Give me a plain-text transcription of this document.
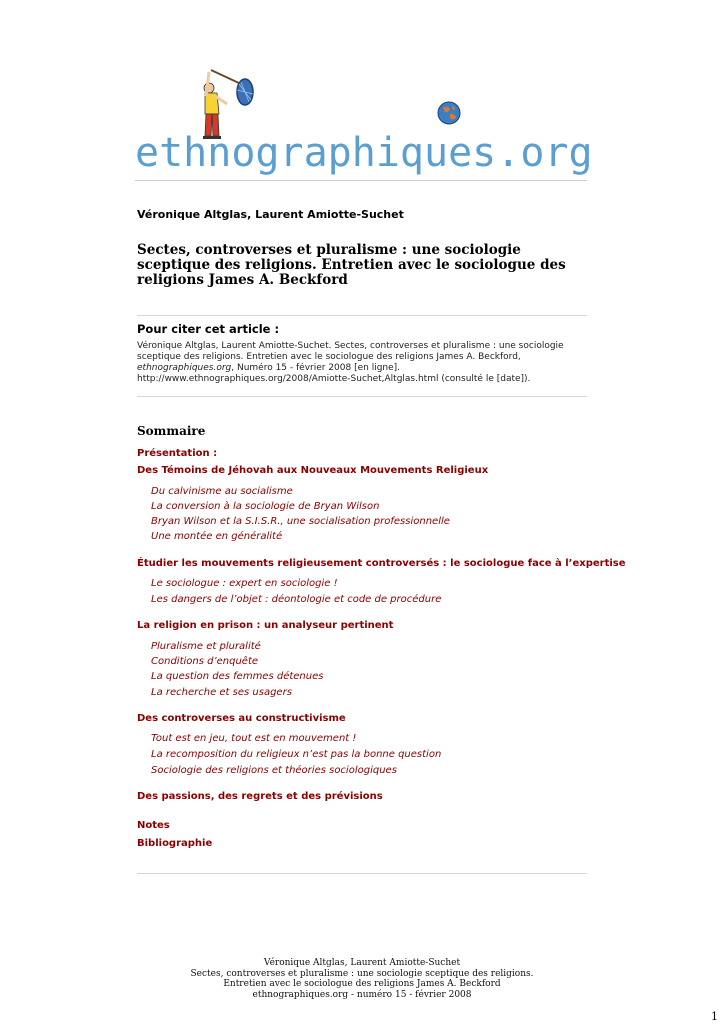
ethnographiques.org
Véronique Altglas, Laurent Amiotte-Suchet
Sectes, controverses et pluralisme : une sociologie sceptique des religions. Entretien avec le sociologue des religions James A. Beckford
Pour citer cet article :
Véronique Altglas, Laurent Amiotte-Suchet. Sectes, controverses et pluralisme : une sociologie sceptique des religions. Entretien avec le sociologue des religions James A. Beckford, ethnographiques.org, Numéro 15 - février 2008 [en ligne]. http://www.ethnographiques.org/2008/Amiotte-Suchet,Altglas.html (consulté le [date]).
Sommaire
Présentation :
Des Témoins de Jéhovah aux Nouveaux Mouvements Religieux
Du calvinisme au socialisme
La conversion à la sociologie de Bryan Wilson
Bryan Wilson et la S.I.S.R., une socialisation professionnelle
Une montée en généralité
Étudier les mouvements religieusement controversés : le sociologue face à l’expertise
Le sociologue : expert en sociologie !
Les dangers de l’objet : déontologie et code de procédure
La religion en prison : un analyseur pertinent
Pluralisme et pluralité
Conditions d’enquête
La question des femmes détenues
La recherche et ses usagers
Des controverses au constructivisme
Tout est en jeu, tout est en mouvement !
La recomposition du religieux n’est pas la bonne question
Sociologie des religions et théories sociologiques
Des passions, des regrets et des prévisions
Notes
Bibliographie
Véronique Altglas, Laurent Amiotte-Suchet
Sectes, controverses et pluralisme : une sociologie sceptique des religions.
Entretien avec le sociologue des religions James A. Beckford
ethnographiques.org - numéro 15 - février 2008
1
